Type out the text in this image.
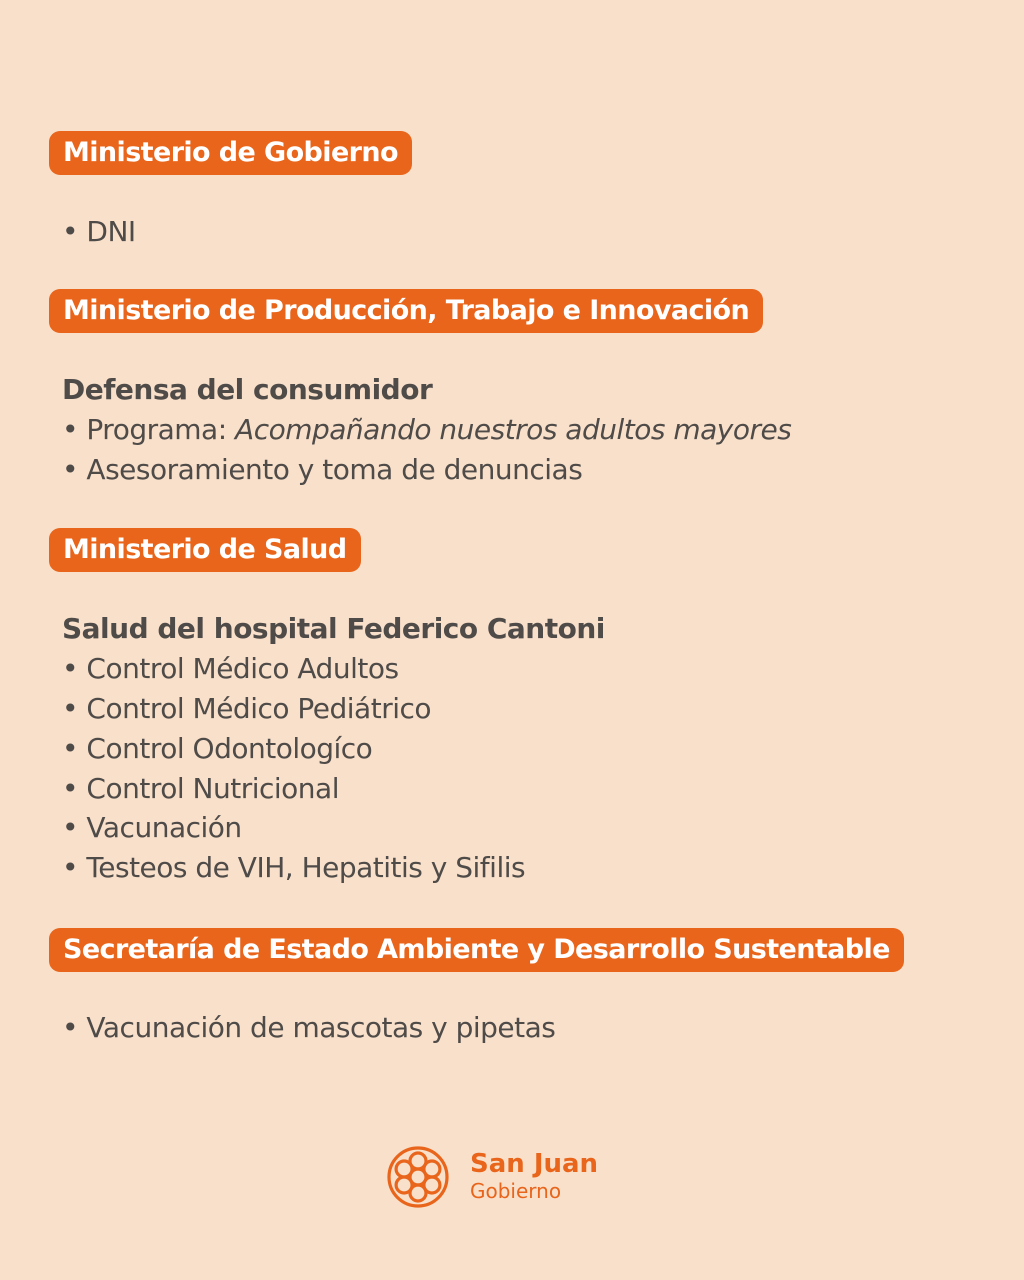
Ministerio de Gobierno
• DNI
Ministerio de Producción, Trabajo e Innovación
Defensa del consumidor
• Programa: Acompañando nuestros adultos mayores
• Asesoramiento y toma de denuncias
Ministerio de Salud
Salud del hospital Federico Cantoni
• Control Médico Adultos
• Control Médico Pediátrico
• Control Odontologíco
• Control Nutricional
• Vacunación
• Testeos de VIH, Hepatitis y Sifilis
Secretaría de Estado Ambiente y Desarrollo Sustentable
• Vacunación de mascotas y pipetas
San Juan
Gobierno
